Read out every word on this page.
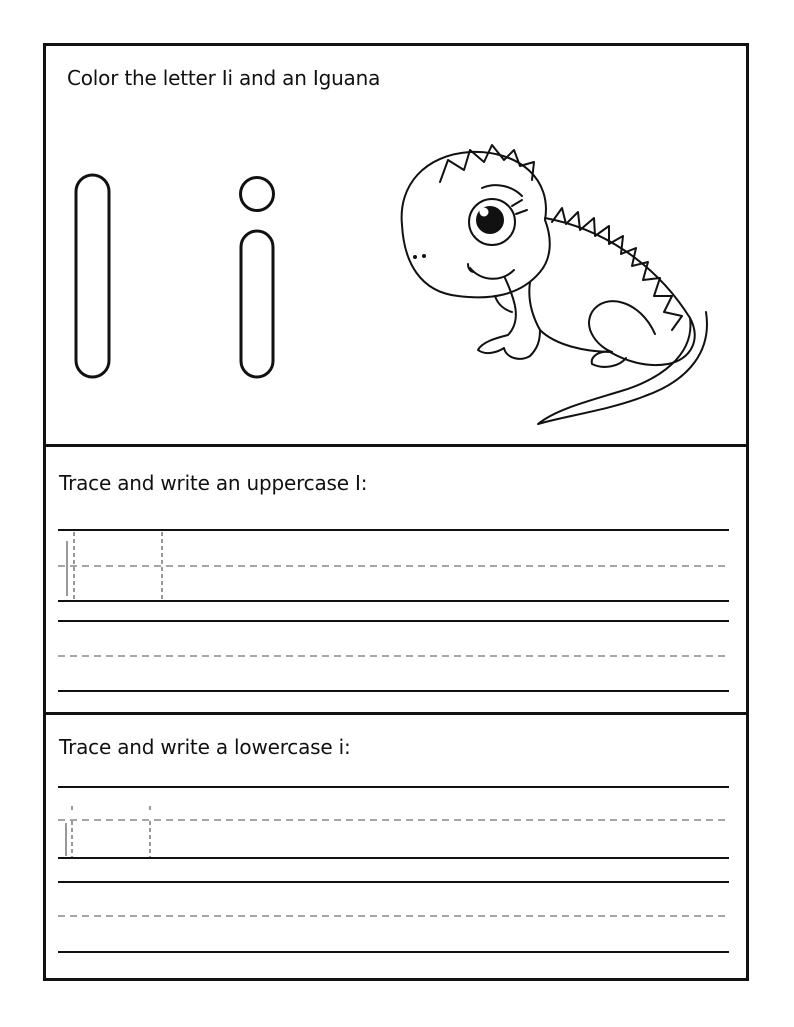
Color the letter Ii and an Iguana
Trace and write an uppercase I:
Trace and write a lowercase i:
